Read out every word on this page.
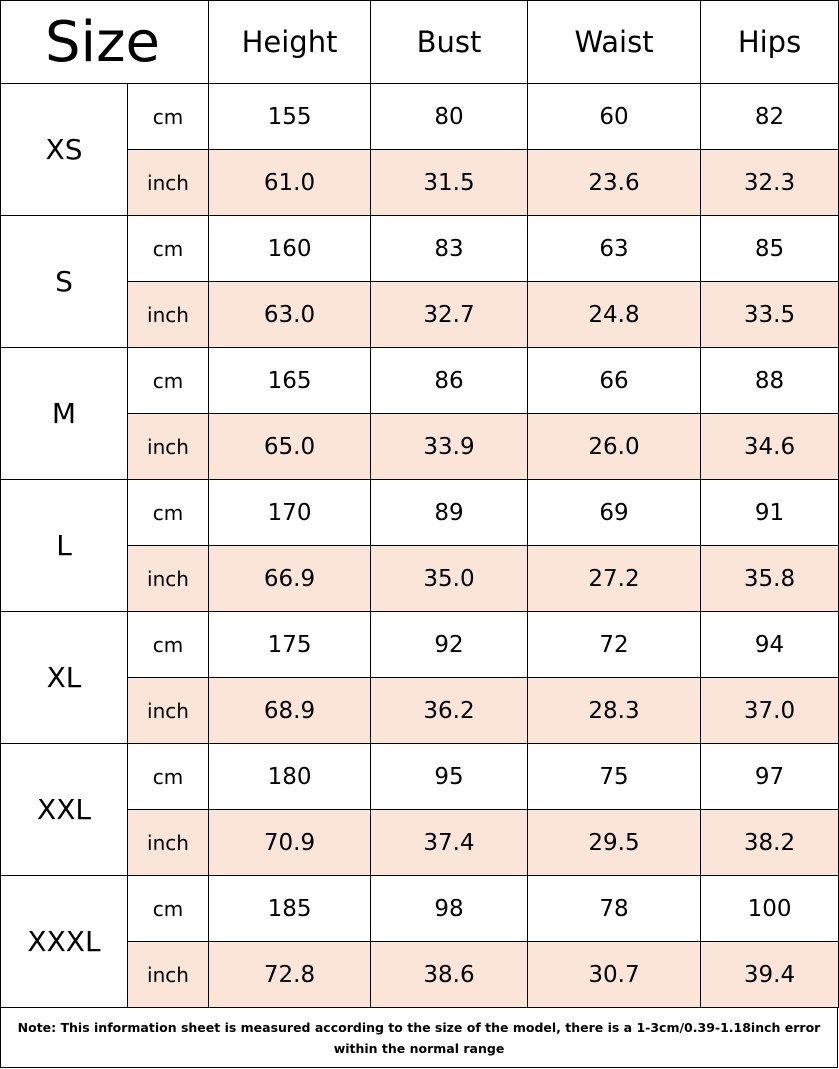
Size		Height	Bust	Waist	Hips
XS	cm	155	80	60	82
	inch	61.0	31.5	23.6	32.3
S	cm	160	83	63	85
	inch	63.0	32.7	24.8	33.5
M	cm	165	86	66	88
	inch	65.0	33.9	26.0	34.6
L	cm	170	89	69	91
	inch	66.9	35.0	27.2	35.8
XL	cm	175	92	72	94
	inch	68.9	36.2	28.3	37.0
XXL	cm	180	95	75	97
	inch	70.9	37.4	29.5	38.2
XXXL	cm	185	98	78	100
	inch	72.8	38.6	30.7	39.4
Note: This information sheet is measured according to the size of the model, there is a 1-3cm/0.39-1.18inch error
within the normal range
